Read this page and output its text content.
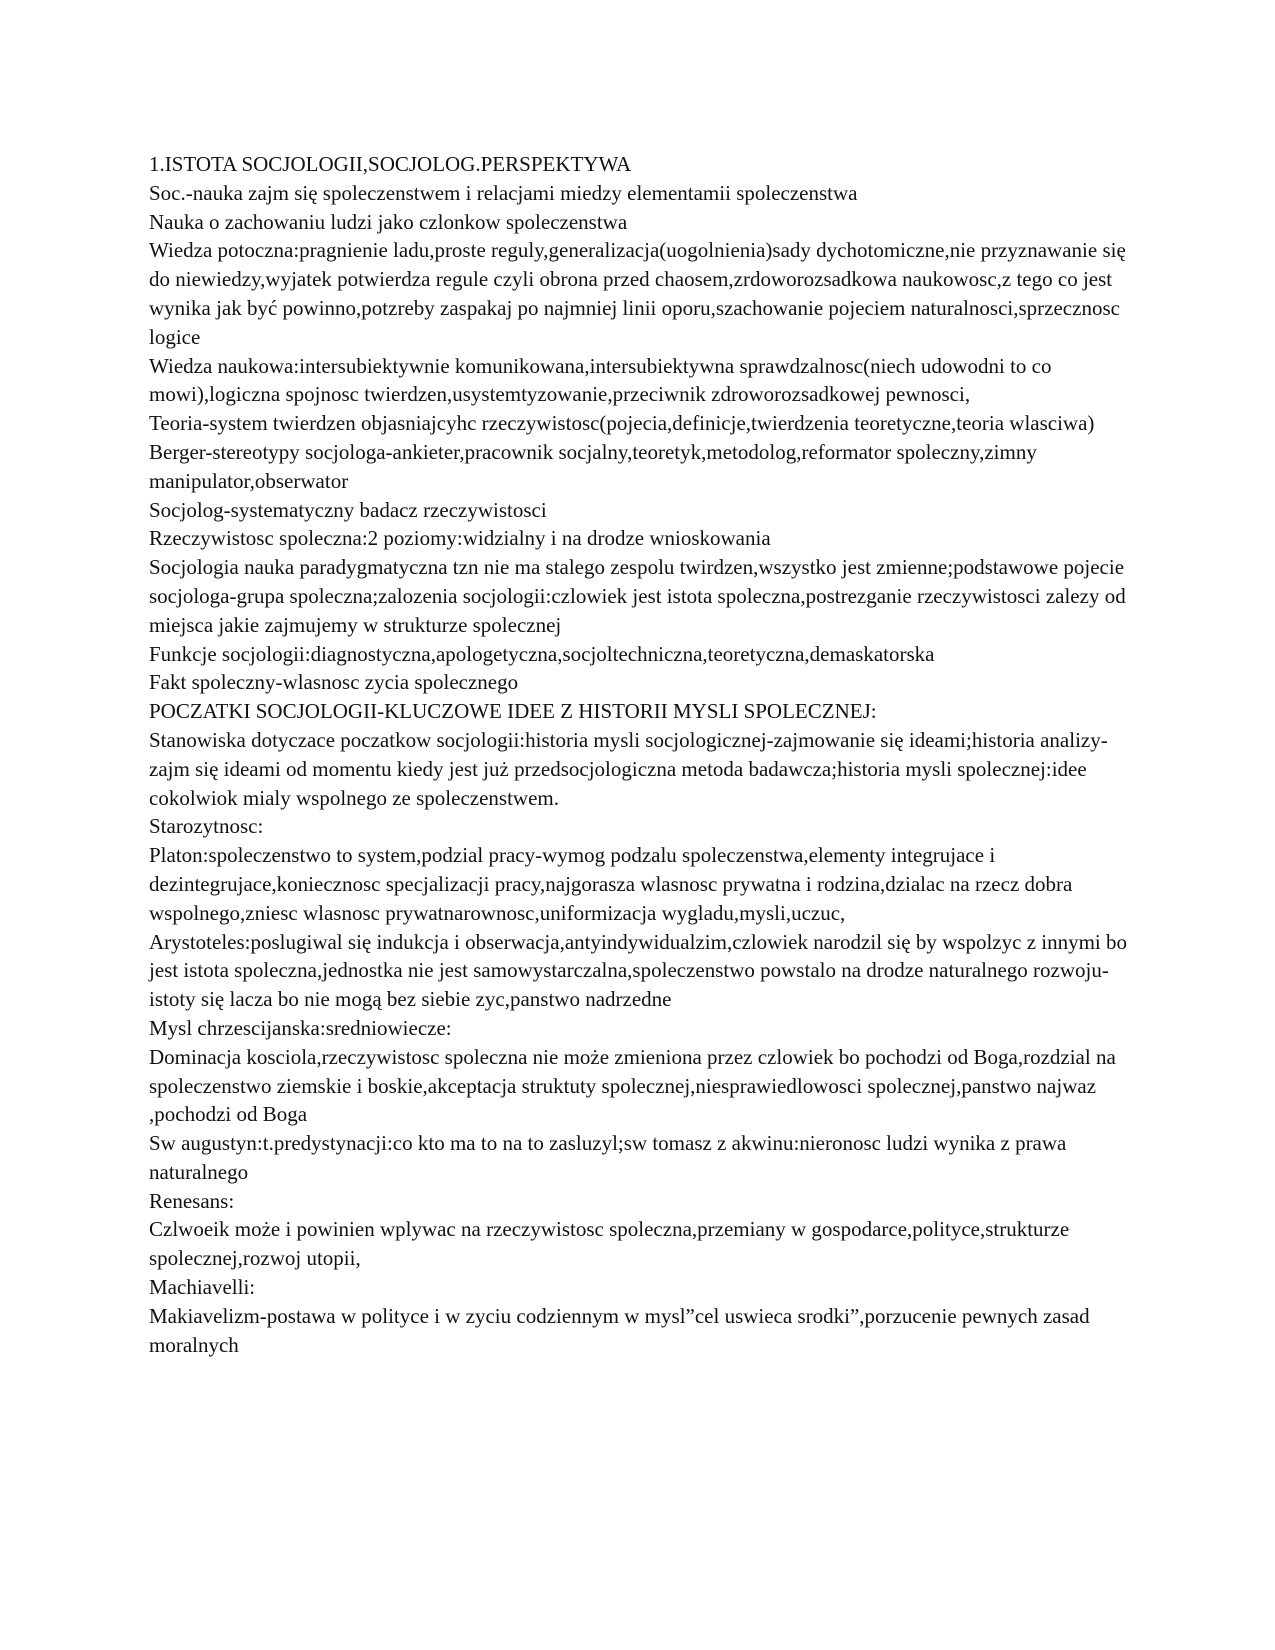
1.ISTOTA SOCJOLOGII,SOCJOLOG.PERSPEKTYWA

Soc.-nauka zajm się spoleczenstwem i relacjami miedzy elementamii spoleczenstwa

Nauka o zachowaniu ludzi jako czlonkow spoleczenstwa

Wiedza potoczna:pragnienie ladu,proste reguly,generalizacja(uogolnienia)sady dychotomiczne,nie przyznawanie się  do niewiedzy,wyjatek potwierdza regule czyli obrona przed chaosem,zrdoworozsadkowa naukowosc,z tego co jest wynika jak być powinno,potzreby zaspakaj po najmniej linii oporu,szachowanie pojeciem naturalnosci,sprzecznosc logice

Wiedza naukowa:intersubiektywnie komunikowana,intersubiektywna sprawdzalnosc(niech udowodni to co mowi),logiczna spojnosc twierdzen,usystemtyzowanie,przeciwnik zdroworozsadkowej pewnosci,

Teoria-system twierdzen objasniajcyhc rzeczywistosc(pojecia,definicje,twierdzenia teoretyczne,teoria wlasciwa)

Berger-stereotypy socjologa-ankieter,pracownik socjalny,teoretyk,metodolog,reformator spoleczny,zimny manipulator,obserwator

Socjolog-systematyczny badacz rzeczywistosci

Rzeczywistosc spoleczna:2 poziomy:widzialny i na drodze wnioskowania

Socjologia nauka paradygmatyczna tzn nie ma stalego zespolu twirdzen,wszystko jest zmienne;podstawowe pojecie socjologa-grupa spoleczna;zalozenia socjologii:czlowiek jest istota spoleczna,postrezganie rzeczywistosci zalezy od miejsca jakie zajmujemy w strukturze spolecznej

Funkcje socjologii:diagnostyczna,apologetyczna,socjoltechniczna,teoretyczna,demaskatorska

Fakt spoleczny-wlasnosc zycia spolecznego

POCZATKI SOCJOLOGII-KLUCZOWE IDEE Z HISTORII MYSLI SPOLECZNEJ:

Stanowiska dotyczace poczatkow socjologii:historia mysli socjologicznej-zajmowanie się ideami;historia analizy-zajm się ideami od momentu kiedy jest już przedsocjologiczna metoda badawcza;historia mysli spolecznej:idee cokolwiok mialy wspolnego ze spoleczenstwem.

Starozytnosc:

Platon:spoleczenstwo to system,podzial pracy-wymog podzalu spoleczenstwa,elementy integrujace i dezintegrujace,koniecznosc specjalizacji pracy,najgorasza wlasnosc prywatna i rodzina,dzialac na rzecz dobra wspolnego,zniesc wlasnosc prywatnarownosc,uniformizacja wygladu,mysli,uczuc,

Arystoteles:poslugiwal się indukcja i obserwacja,antyindywidualzim,czlowiek narodzil się by wspolzyc z innymi bo jest istota spoleczna,jednostka nie jest samowystarczalna,spoleczenstwo powstalo na drodze naturalnego rozwoju-istoty się lacza bo nie mogą bez siebie zyc,panstwo nadrzedne

Mysl chrzescijanska:sredniowiecze:

Dominacja kosciola,rzeczywistosc spoleczna nie może zmieniona przez czlowiek bo pochodzi od Boga,rozdzial na spoleczenstwo ziemskie i boskie,akceptacja struktuty spolecznej,niesprawiedlowosci spolecznej,panstwo najwaz ,pochodzi od Boga

Sw augustyn:t.predystynacji:co kto ma to na to zasluzyl;sw tomasz z akwinu:nieronosc ludzi wynika z prawa naturalnego

Renesans:

Czlwoeik może i powinien wplywac na rzeczywistosc spoleczna,przemiany w gospodarce,polityce,strukturze spolecznej,rozwoj utopii,

Machiavelli:

Makiavelizm-postawa w polityce i w zyciu codziennym w mysl”cel uswieca srodki”,porzucenie pewnych zasad moralnych
